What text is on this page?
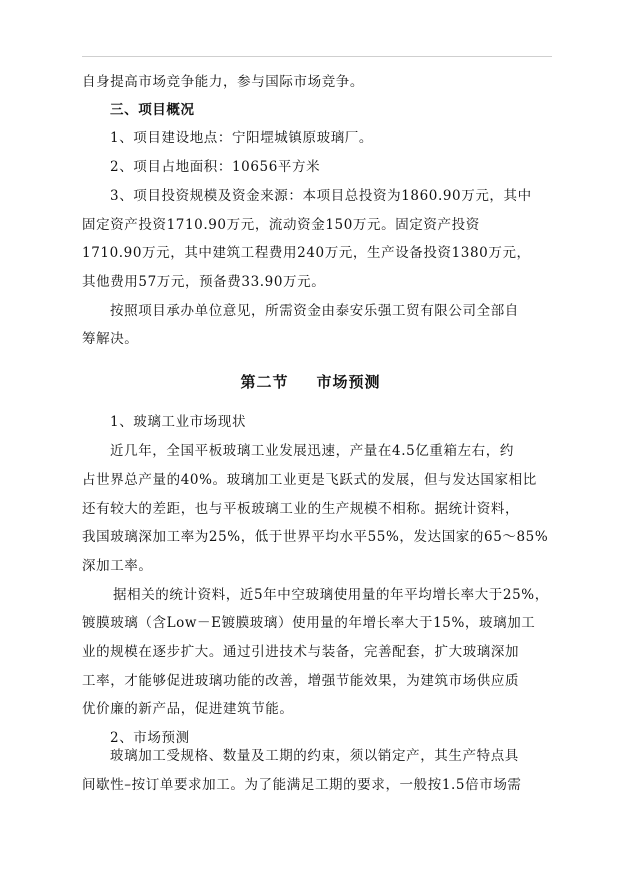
自身提高市场竞争能力，参与国际市场竞争。
三、项目概况
1、项目建设地点：宁阳堽城镇原玻璃厂。
2、项目占地面积：10656平方米
3、项目投资规模及资金来源：本项目总投资为1860.90万元，其中
固定资产投资1710.90万元，流动资金150万元。固定资产投资
1710.90万元，其中建筑工程费用240万元，生产设备投资1380万元，
其他费用57万元，预备费33.90万元。
按照项目承办单位意见，所需资金由泰安乐强工贸有限公司全部自
筹解决。
第二节 市场预测
1、玻璃工业市场现状
近几年，全国平板玻璃工业发展迅速，产量在4.5亿重箱左右，约
占世界总产量的40%。玻璃加工业更是飞跃式的发展，但与发达国家相比
还有较大的差距，也与平板玻璃工业的生产规模不相称。据统计资料，
我国玻璃深加工率为25%，低于世界平均水平55%，发达国家的65～85%
深加工率。
据相关的统计资料，近5年中空玻璃使用量的年平均增长率大于25%，
镀膜玻璃（含Low－E镀膜玻璃）使用量的年增长率大于15%，玻璃加工
业的规模在逐步扩大。通过引进技术与装备，完善配套，扩大玻璃深加
工率，才能够促进玻璃功能的改善，增强节能效果，为建筑市场供应质
优价廉的新产品，促进建筑节能。
2、市场预测
玻璃加工受规格、数量及工期的约束，须以销定产，其生产特点具
间歇性–按订单要求加工。为了能满足工期的要求，一般按1.5倍市场需
